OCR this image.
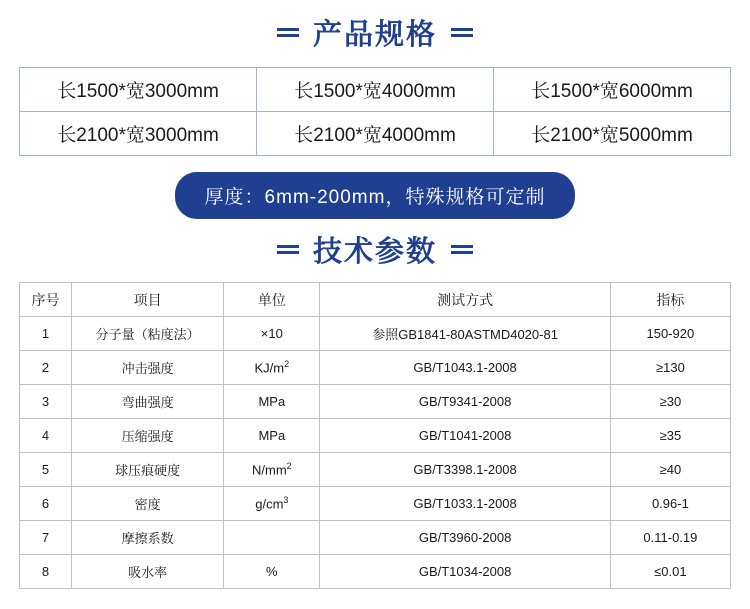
产品规格
长1500*宽3000mm	长1500*宽4000mm	长1500*宽6000mm
长2100*宽3000mm	长2100*宽4000mm	长2100*宽5000mm
厚度：6mm-200mm，特殊规格可定制
技术参数
序号	项目	单位	测试方式	指标
1	分子量（粘度法）	×10	参照GB1841-80ASTMD4020-81	150-920
2	冲击强度	$KJ/m^2$	GB/T1043.1-2008	≥130
3	弯曲强度	MPa	GB/T9341-2008	≥30
4	压缩强度	MPa	GB/T1041-2008	≥35
5	球压痕硬度	$N/mm^2$	GB/T3398.1-2008	≥40
6	密度	$g/cm^3$	GB/T1033.1-2008	0.96-1
7	摩擦系数		GB/T3960-2008	0.11-0.19
8	吸水率	%	GB/T1034-2008	≤0.01
